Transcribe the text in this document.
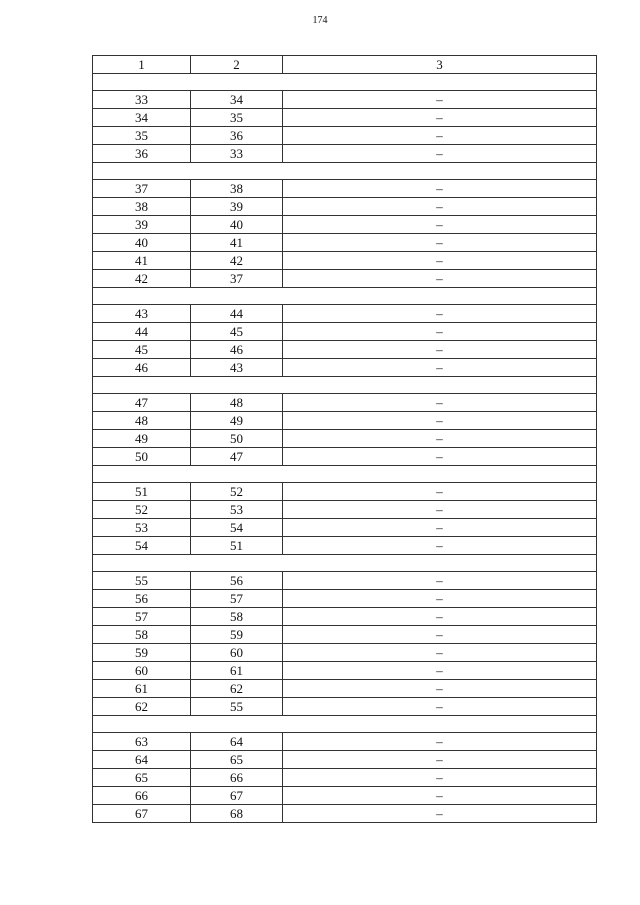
174
1	2	3

33	34	–
34	35	–
35	36	–
36	33	–

37	38	–
38	39	–
39	40	–
40	41	–
41	42	–
42	37	–

43	44	–
44	45	–
45	46	–
46	43	–

47	48	–
48	49	–
49	50	–
50	47	–

51	52	–
52	53	–
53	54	–
54	51	–

55	56	–
56	57	–
57	58	–
58	59	–
59	60	–
60	61	–
61	62	–
62	55	–

63	64	–
64	65	–
65	66	–
66	67	–
67	68	–
